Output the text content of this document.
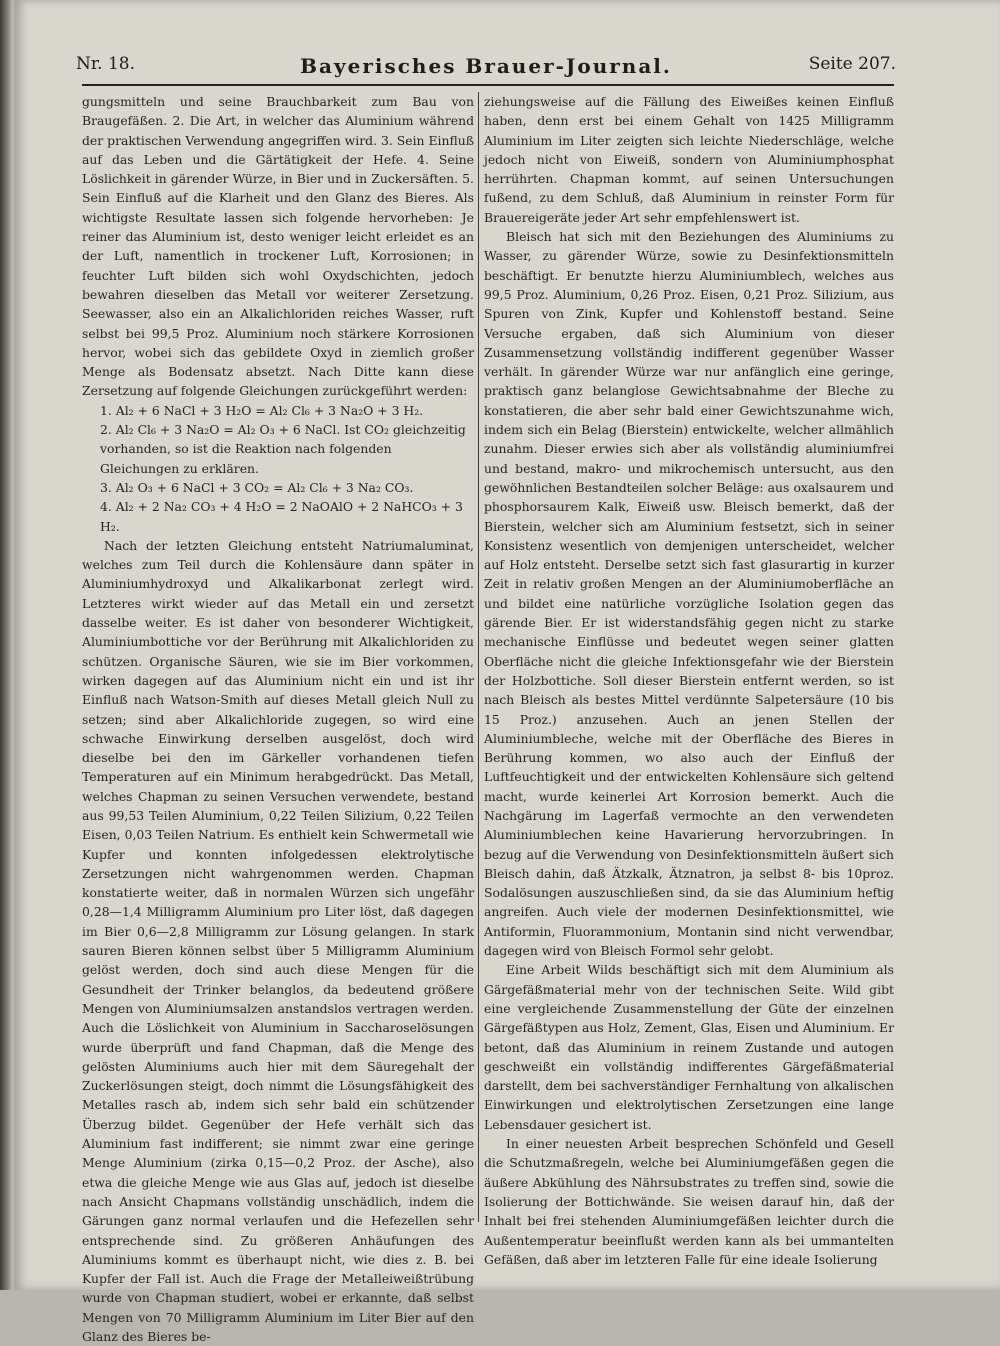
Nr. 18.	Bayerisches Brauer-Journal.	Seite 207.

gungsmitteln und seine Brauchbarkeit zum Bau von Braugefäßen. 2. Die Art, in welcher das Aluminium während der praktischen Verwendung angegriffen wird. 3. Sein Einfluß auf das Leben und die Gärtätigkeit der Hefe. 4. Seine Löslichkeit in gärender Würze, in Bier und in Zuckersäften. 5. Sein Einfluß auf die Klarheit und den Glanz des Bieres. Als wichtigste Resultate lassen sich folgende hervorheben: Je reiner das Aluminium ist, desto weniger leicht erleidet es an der Luft, namentlich in trockener Luft, Korrosionen; in feuchter Luft bilden sich wohl Oxydschichten, jedoch bewahren dieselben das Metall vor weiterer Zersetzung. Seewasser, also ein an Alkalichloriden reiches Wasser, ruft selbst bei 99,5 Proz. Aluminium noch stärkere Korrosionen hervor, wobei sich das gebildete Oxyd in ziemlich großer Menge als Bodensatz absetzt. Nach Ditte kann diese Zersetzung auf folgende Gleichungen zurückgeführt werden:

1. Al₂ + 6 NaCl + 3 H₂O = Al₂ Cl₆ + 3 Na₂O + 3 H₂.

2. Al₂ Cl₆ + 3 Na₂O = Al₂ O₃ + 6 NaCl. Ist CO₂ gleichzeitig vorhanden, so ist die Reaktion nach folgenden Gleichungen zu erklären.

3. Al₂ O₃ + 6 NaCl + 3 CO₂ = Al₂ Cl₆ + 3 Na₂ CO₃.

4. Al₂ + 2 Na₂ CO₃ + 4 H₂O = 2 NaOAlO + 2 NaHCO₃ + 3 H₂.

Nach der letzten Gleichung entsteht Natriumaluminat, welches zum Teil durch die Kohlensäure dann später in Aluminiumhydroxyd und Alkalikarbonat zerlegt wird. Letzteres wirkt wieder auf das Metall ein und zersetzt dasselbe weiter. Es ist daher von besonderer Wichtigkeit, Aluminiumbottiche vor der Berührung mit Alkalichloriden zu schützen. Organische Säuren, wie sie im Bier vorkommen, wirken dagegen auf das Aluminium nicht ein und ist ihr Einfluß nach Watson-Smith auf dieses Metall gleich Null zu setzen; sind aber Alkalichloride zugegen, so wird eine schwache Einwirkung derselben ausgelöst, doch wird dieselbe bei den im Gärkeller vorhandenen tiefen Temperaturen auf ein Minimum herabgedrückt. Das Metall, welches Chapman zu seinen Versuchen verwendete, bestand aus 99,53 Teilen Aluminium, 0,22 Teilen Silizium, 0,22 Teilen Eisen, 0,03 Teilen Natrium. Es enthielt kein Schwermetall wie Kupfer und konnten infolgedessen elektrolytische Zersetzungen nicht wahrgenommen werden. Chapman konstatierte weiter, daß in normalen Würzen sich ungefähr 0,28—1,4 Milligramm Aluminium pro Liter löst, daß dagegen im Bier 0,6—2,8 Milligramm zur Lösung gelangen. In stark sauren Bieren können selbst über 5 Milligramm Aluminium gelöst werden, doch sind auch diese Mengen für die Gesundheit der Trinker belanglos, da bedeutend größere Mengen von Aluminiumsalzen anstandslos vertragen werden. Auch die Löslichkeit von Aluminium in Saccharoselösungen wurde überprüft und fand Chapman, daß die Menge des gelösten Aluminiums auch hier mit dem Säuregehalt der Zuckerlösungen steigt, doch nimmt die Lösungsfähigkeit des Metalles rasch ab, indem sich sehr bald ein schützender Überzug bildet. Gegenüber der Hefe verhält sich das Aluminium fast indifferent; sie nimmt zwar eine geringe Menge Aluminium (zirka 0,15—0,2 Proz. der Asche), also etwa die gleiche Menge wie aus Glas auf, jedoch ist dieselbe nach Ansicht Chapmans vollständig unschädlich, indem die Gärungen ganz normal verlaufen und die Hefezellen sehr entsprechende sind. Zu größeren Anhäufungen des Aluminiums kommt es überhaupt nicht, wie dies z. B. bei Kupfer der Fall ist. Auch die Frage der Metalleiweißtrübung wurde von Chapman studiert, wobei er erkannte, daß selbst Mengen von 70 Milligramm Aluminium im Liter Bier auf den Glanz des Bieres be-

ziehungsweise auf die Fällung des Eiweißes keinen Einfluß haben, denn erst bei einem Gehalt von 1425 Milligramm Aluminium im Liter zeigten sich leichte Niederschläge, welche jedoch nicht von Eiweiß, sondern von Aluminiumphosphat herrührten. Chapman kommt, auf seinen Untersuchungen fußend, zu dem Schluß, daß Aluminium in reinster Form für Brauereigeräte jeder Art sehr empfehlenswert ist.

Bleisch hat sich mit den Beziehungen des Aluminiums zu Wasser, zu gärender Würze, sowie zu Desinfektionsmitteln beschäftigt. Er benutzte hierzu Aluminiumblech, welches aus 99,5 Proz. Aluminium, 0,26 Proz. Eisen, 0,21 Proz. Silizium, aus Spuren von Zink, Kupfer und Kohlenstoff bestand. Seine Versuche ergaben, daß sich Aluminium von dieser Zusammensetzung vollständig indifferent gegenüber Wasser verhält. In gärender Würze war nur anfänglich eine geringe, praktisch ganz belanglose Gewichtsabnahme der Bleche zu konstatieren, die aber sehr bald einer Gewichtszunahme wich, indem sich ein Belag (Bierstein) entwickelte, welcher allmählich zunahm. Dieser erwies sich aber als vollständig aluminiumfrei und bestand, makro- und mikrochemisch untersucht, aus den gewöhnlichen Bestandteilen solcher Beläge: aus oxalsaurem und phosphorsaurem Kalk, Eiweiß usw. Bleisch bemerkt, daß der Bierstein, welcher sich am Aluminium festsetzt, sich in seiner Konsistenz wesentlich von demjenigen unterscheidet, welcher auf Holz entsteht. Derselbe setzt sich fast glasurartig in kurzer Zeit in relativ großen Mengen an der Aluminiumoberfläche an und bildet eine natürliche vorzügliche Isolation gegen das gärende Bier. Er ist widerstandsfähig gegen nicht zu starke mechanische Einflüsse und bedeutet wegen seiner glatten Oberfläche nicht die gleiche Infektionsgefahr wie der Bierstein der Holzbottiche. Soll dieser Bierstein entfernt werden, so ist nach Bleisch als bestes Mittel verdünnte Salpetersäure (10 bis 15 Proz.) anzusehen. Auch an jenen Stellen der Aluminiumbleche, welche mit der Oberfläche des Bieres in Berührung kommen, wo also auch der Einfluß der Luftfeuchtigkeit und der entwickelten Kohlensäure sich geltend macht, wurde keinerlei Art Korrosion bemerkt. Auch die Nachgärung im Lagerfaß vermochte an den verwendeten Aluminiumblechen keine Havarierung hervorzubringen. In bezug auf die Verwendung von Desinfektionsmitteln äußert sich Bleisch dahin, daß Ätzkalk, Ätznatron, ja selbst 8- bis 10proz. Sodalösungen auszuschließen sind, da sie das Aluminium heftig angreifen. Auch viele der modernen Desinfektionsmittel, wie Antiformin, Fluorammonium, Montanin sind nicht verwendbar, dagegen wird von Bleisch Formol sehr gelobt.

Eine Arbeit Wilds beschäftigt sich mit dem Aluminium als Gärgefäßmaterial mehr von der technischen Seite. Wild gibt eine vergleichende Zusammenstellung der Güte der einzelnen Gärgefäßtypen aus Holz, Zement, Glas, Eisen und Aluminium. Er betont, daß das Aluminium in reinem Zustande und autogen geschweißt ein vollständig indifferentes Gärgefäßmaterial darstellt, dem bei sachverständiger Fernhaltung von alkalischen Einwirkungen und elektrolytischen Zersetzungen eine lange Lebensdauer gesichert ist.

In einer neuesten Arbeit besprechen Schönfeld und Gesell die Schutzmaßregeln, welche bei Aluminiumgefäßen gegen die äußere Abkühlung des Nährsubstrates zu treffen sind, sowie die Isolierung der Bottichwände. Sie weisen darauf hin, daß der Inhalt bei frei stehenden Aluminiumgefäßen leichter durch die Außentemperatur beeinflußt werden kann als bei ummantelten Gefäßen, daß aber im letzteren Falle für eine ideale Isolierung
